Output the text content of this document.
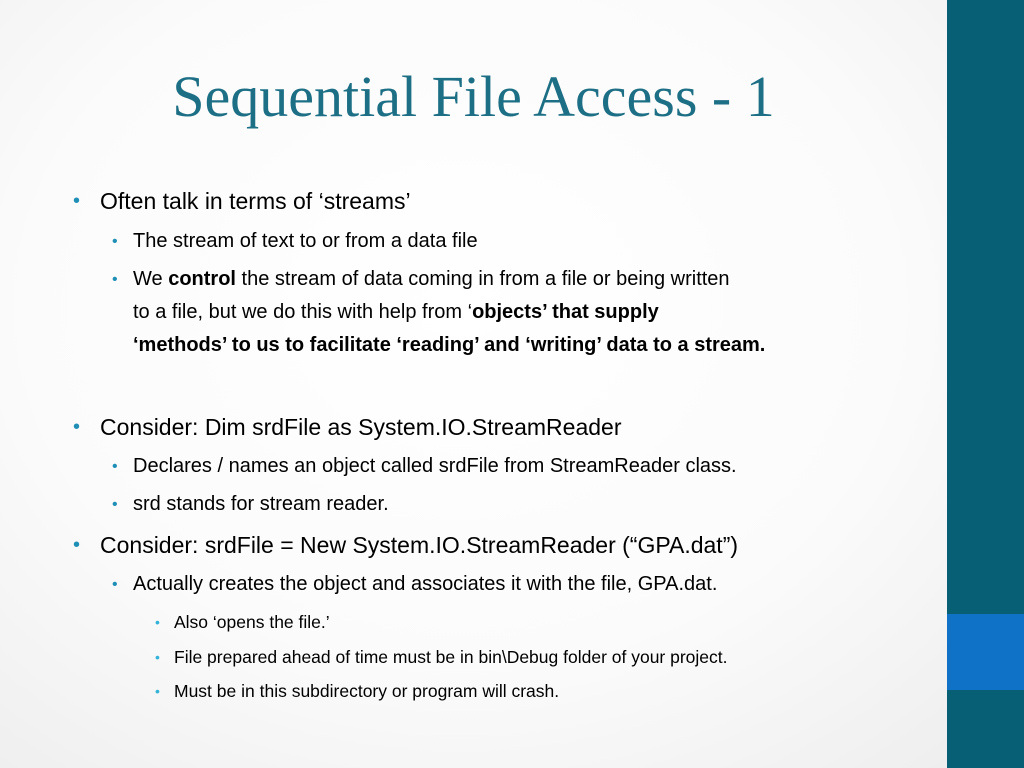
Sequential File Access - 1
• Often talk in terms of ‘streams’
• The stream of text to or from a data file
• We control the stream of data coming in from a file or being written
to a file, but we do this with help from ‘objects’ that supply
‘methods’ to us to facilitate ‘reading’ and ‘writing’ data to a stream.
• Consider: Dim srdFile as System.IO.StreamReader
• Declares / names an object called srdFile from StreamReader class.
• srd stands for stream reader.
• Consider: srdFile = New System.IO.StreamReader (“GPA.dat”)
• Actually creates the object and associates it with the file, GPA.dat.
• Also ‘opens the file.’
• File prepared ahead of time must be in bin\Debug folder of your project.
• Must be in this subdirectory or program will crash.
